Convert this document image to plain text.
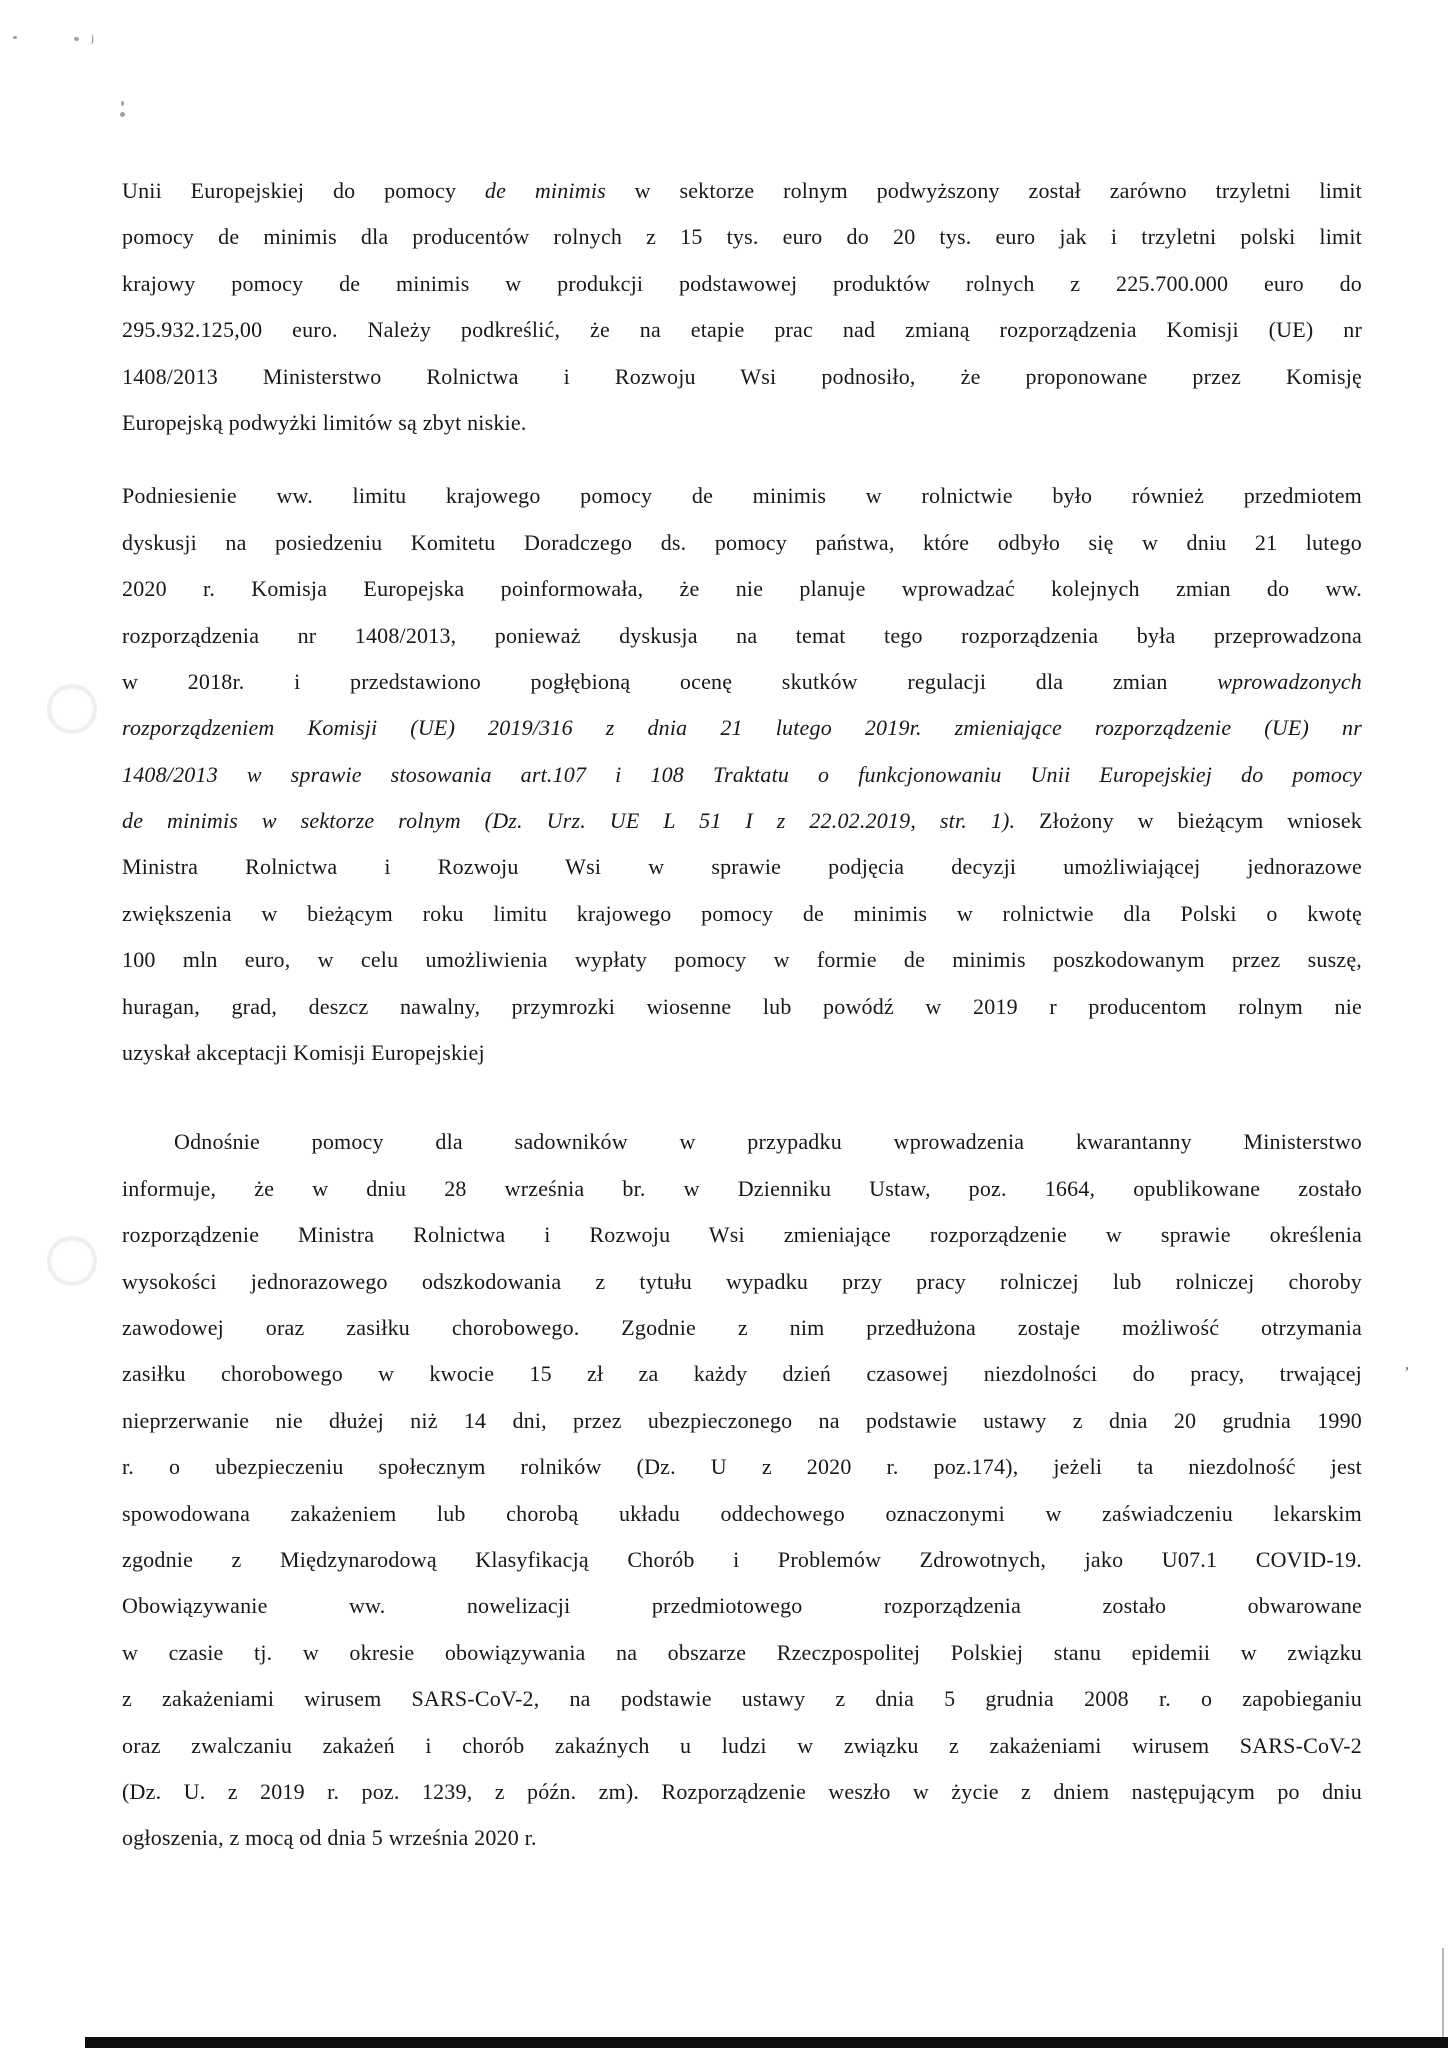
Unii Europejskiej do pomocy de minimis w sektorze rolnym podwyższony został zarówno trzyletni limit
pomocy de minimis dla producentów rolnych z 15 tys. euro do 20 tys. euro jak i trzyletni polski limit
krajowy pomocy de minimis w produkcji podstawowej produktów rolnych z 225.700.000 euro do
295.932.125,00 euro. Należy podkreślić, że na etapie prac nad zmianą rozporządzenia Komisji (UE) nr
1408/2013 Ministerstwo Rolnictwa i Rozwoju Wsi podnosiło, że proponowane przez Komisję
Europejską podwyżki limitów są zbyt niskie.
Podniesienie ww. limitu krajowego pomocy de minimis w rolnictwie było również przedmiotem
dyskusji na posiedzeniu Komitetu Doradczego ds. pomocy państwa, które odbyło się w dniu 21 lutego
2020 r. Komisja Europejska poinformowała, że nie planuje wprowadzać kolejnych zmian do ww.
rozporządzenia nr 1408/2013, ponieważ dyskusja na temat tego rozporządzenia była przeprowadzona
w 2018r. i przedstawiono pogłębioną ocenę skutków regulacji dla zmian wprowadzonych
rozporządzeniem Komisji (UE) 2019/316 z dnia 21 lutego 2019r. zmieniające rozporządzenie (UE) nr
1408/2013 w sprawie stosowania art.107 i 108 Traktatu o funkcjonowaniu Unii Europejskiej do pomocy
de minimis w sektorze rolnym (Dz. Urz. UE L 51 I z 22.02.2019, str. 1). Złożony w bieżącym wniosek
Ministra Rolnictwa i Rozwoju Wsi w sprawie podjęcia decyzji umożliwiającej jednorazowe
zwiększenia w bieżącym roku limitu krajowego pomocy de minimis w rolnictwie dla Polski o kwotę
100 mln euro, w celu umożliwienia wypłaty pomocy w formie de minimis poszkodowanym przez suszę,
huragan, grad, deszcz nawalny, przymrozki wiosenne lub powódź w 2019 r producentom rolnym nie
uzyskał akceptacji Komisji Europejskiej
Odnośnie pomocy dla sadowników w przypadku wprowadzenia kwarantanny Ministerstwo
informuje, że w dniu 28 września br. w Dzienniku Ustaw, poz. 1664, opublikowane zostało
rozporządzenie Ministra Rolnictwa i Rozwoju Wsi zmieniające rozporządzenie w sprawie określenia
wysokości jednorazowego odszkodowania z tytułu wypadku przy pracy rolniczej lub rolniczej choroby
zawodowej oraz zasiłku chorobowego. Zgodnie z nim przedłużona zostaje możliwość otrzymania
zasiłku chorobowego w kwocie 15 zł za każdy dzień czasowej niezdolności do pracy, trwającej
nieprzerwanie nie dłużej niż 14 dni, przez ubezpieczonego na podstawie ustawy z dnia 20 grudnia 1990
r. o ubezpieczeniu społecznym rolników (Dz. U z 2020 r. poz.174), jeżeli ta niezdolność jest
spowodowana zakażeniem lub chorobą układu oddechowego oznaczonymi w zaświadczeniu lekarskim
zgodnie z Międzynarodową Klasyfikacją Chorób i Problemów Zdrowotnych, jako U07.1 COVID-19.
Obowiązywanie ww. nowelizacji przedmiotowego rozporządzenia zostało obwarowane
w czasie tj. w okresie obowiązywania na obszarze Rzeczpospolitej Polskiej stanu epidemii w związku
z zakażeniami wirusem SARS-CoV-2, na podstawie ustawy z dnia 5 grudnia 2008 r. o zapobieganiu
oraz zwalczaniu zakażeń i chorób zakaźnych u ludzi w związku z zakażeniami wirusem SARS-CoV-2
(Dz. U. z 2019 r. poz. 1239, z późn. zm). Rozporządzenie weszło w życie z dniem następującym po dniu
ogłoszenia, z mocą od dnia 5 września 2020 r.
ʲ
’
